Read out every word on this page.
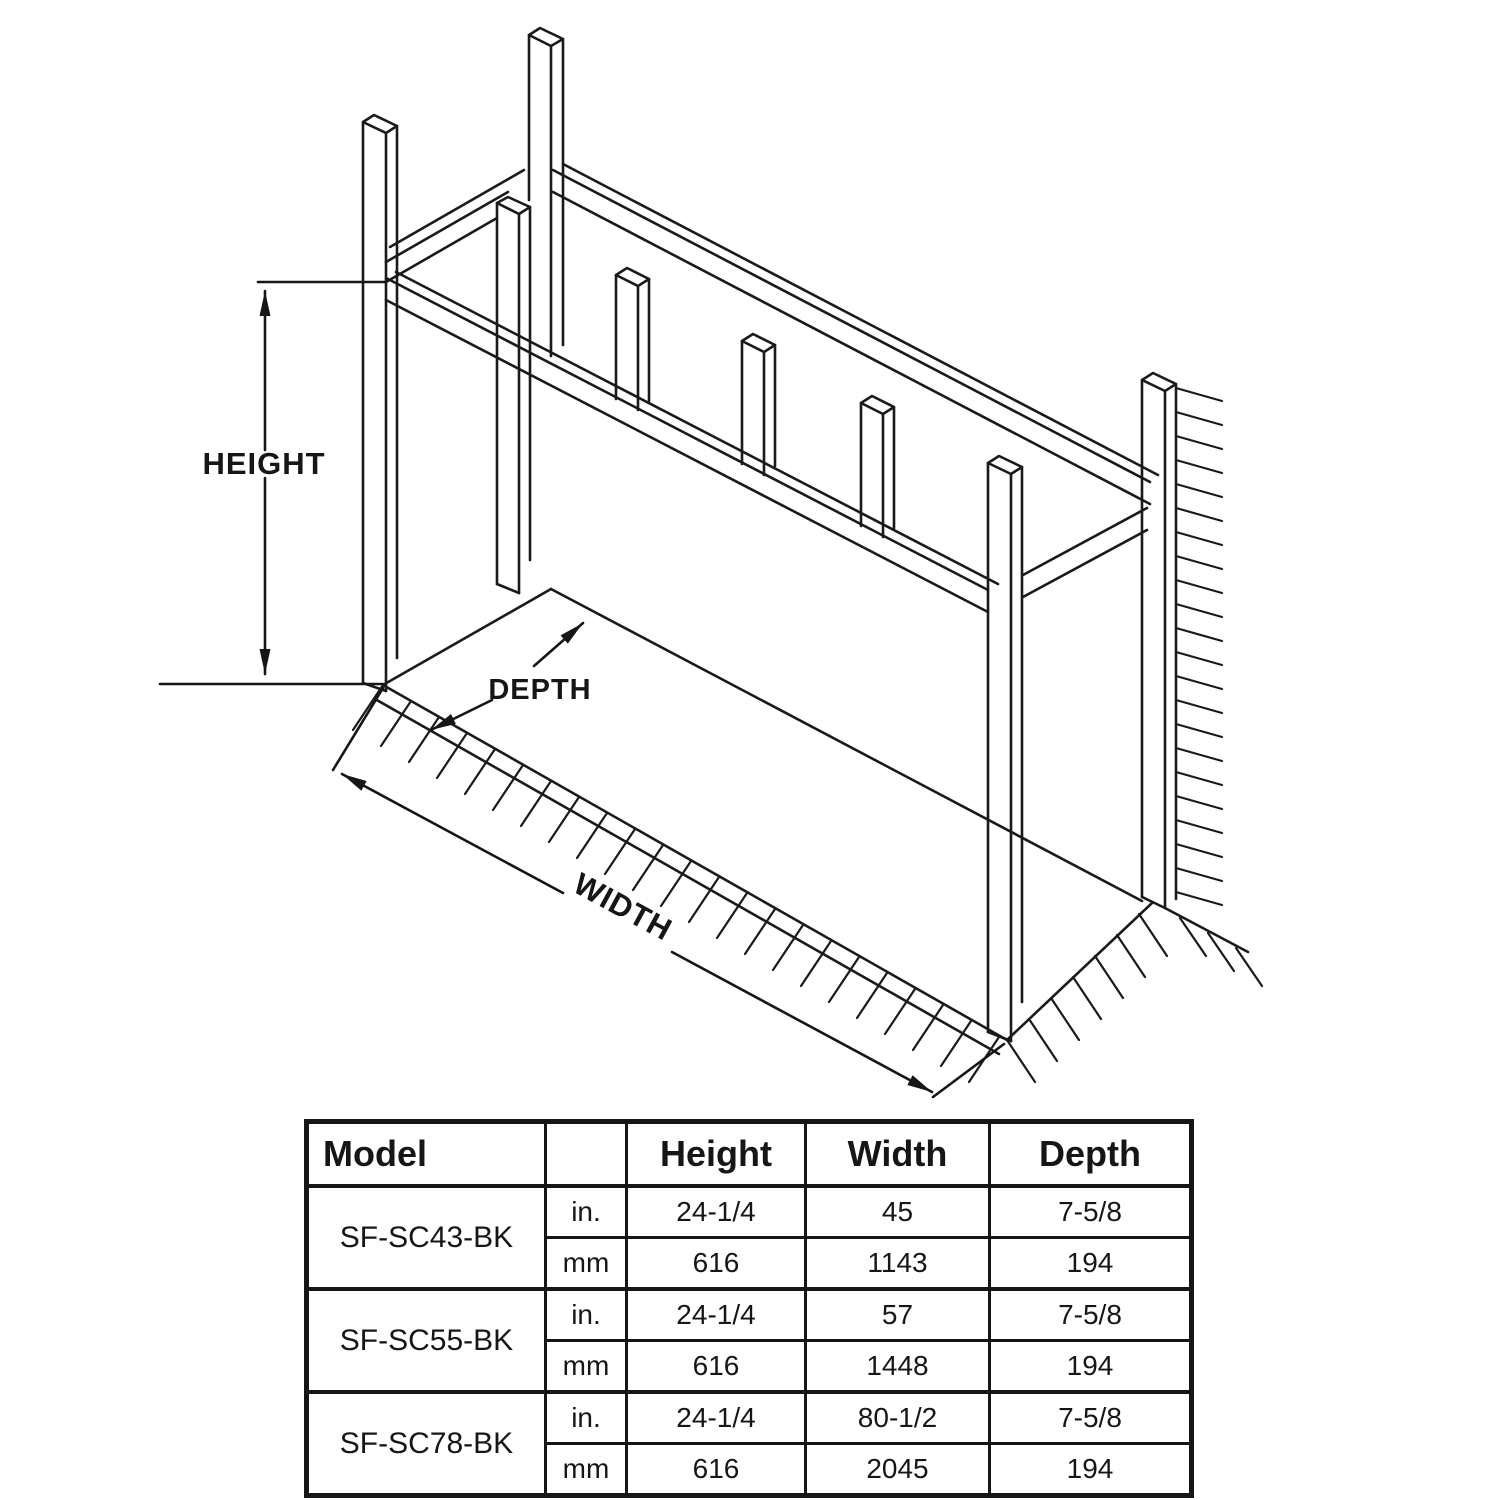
HEIGHT
DEPTH
WIDTH
Model		Height	Width	Depth
SF-SC43-BK	in.	24-1/4	45	7-5/8
	mm	616	1143	194
SF-SC55-BK	in.	24-1/4	57	7-5/8
	mm	616	1448	194
SF-SC78-BK	in.	24-1/4	80-1/2	7-5/8
	mm	616	2045	194
